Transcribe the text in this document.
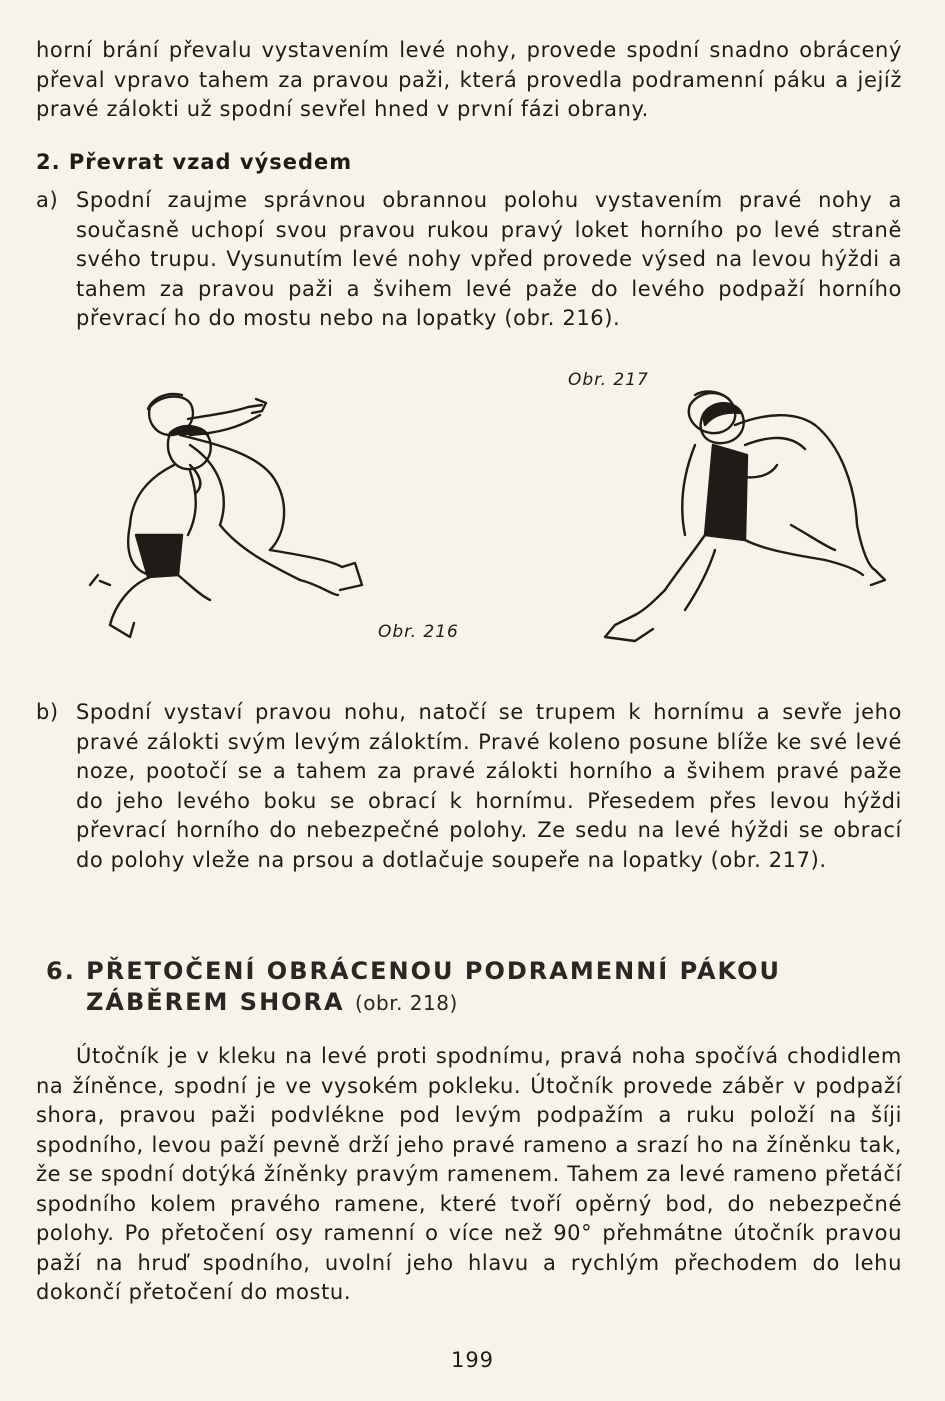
horní brání převalu vystavením levé nohy, provede spodní snadno obrácený převal vpravo tahem za pravou paži, která provedla podramenní páku a jejíž pravé zálokti už spodní sevřel hned v první fázi obrany.

2. Převrat vzad výsedem
a) Spodní zaujme správnou obrannou polohu vystavením pravé nohy a současně uchopí svou pravou rukou pravý loket horního po levé straně svého trupu. Vysunutím levé nohy vpřed provede výsed na levou hýždi a tahem za pravou paži a švihem levé paže do levého podpaží horního převrací ho do mostu nebo na lopatky (obr. 216).
Obr. 216
Obr. 217
b) Spodní vystaví pravou nohu, natočí se trupem k hornímu a sevře jeho pravé zálokti svým levým záloktím. Pravé koleno posune blíže ke své levé noze, pootočí se a tahem za pravé zálokti horního a švihem pravé paže do jeho levého boku se obrací k hornímu. Přesedem přes levou hýždi převrací horního do nebezpečné polohy. Ze sedu na levé hýždi se obrací do polohy vleže na prsou a dotlačuje soupeře na lopatky (obr. 217).
6. PŘETOČENÍ OBRÁCENOU PODRAMENNÍ PÁKOU
ZÁBĚREM SHORA (obr. 218)

Útočník je v kleku na levé proti spodnímu, pravá noha spočívá chodidlem na žíněnce, spodní je ve vysokém pokleku. Útočník provede záběr v podpaží shora, pravou paži podvlékne pod levým podpažím a ruku položí na šíji spodního, levou paží pevně drží jeho pravé rameno a srazí ho na žíněnku tak, že se spodní dotýká žíněnky pravým ramenem. Tahem za levé rameno přetáčí spodního kolem pravého ramene, které tvoří opěrný bod, do nebezpečné polohy. Po přetočení osy ramenní o více než 90° přehmátne útočník pravou paží na hruď spodního, uvolní jeho hlavu a rychlým přechodem do lehu dokončí přetočení do mostu.

199
